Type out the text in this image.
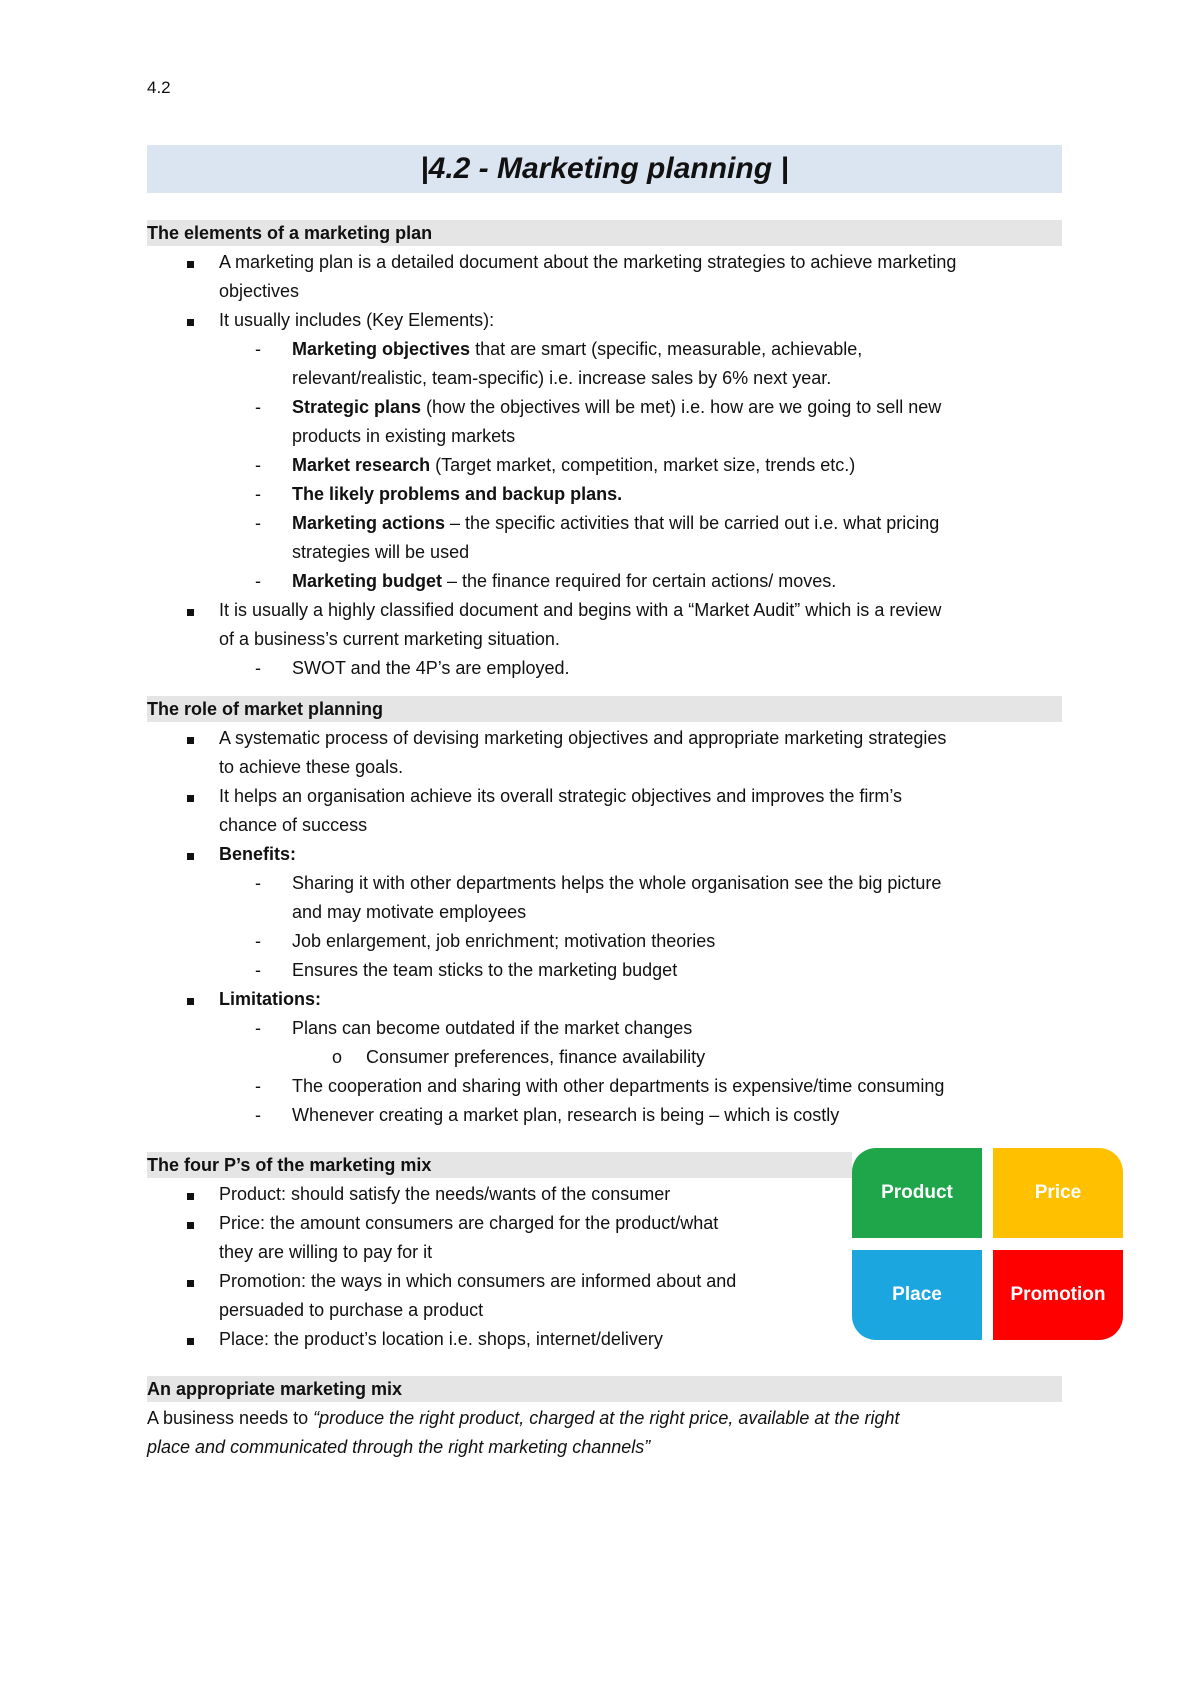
4.2
|4.2 - Marketing planning |
The elements of a marketing plan
A marketing plan is a detailed document about the marketing strategies to achieve marketing
objectives
It usually includes (Key Elements):
- Marketing objectives that are smart (specific, measurable, achievable,
relevant/realistic, team-specific) i.e. increase sales by 6% next year.
- Strategic plans (how the objectives will be met) i.e. how are we going to sell new
products in existing markets
- Market research (Target market, competition, market size, trends etc.)
- The likely problems and backup plans.
- Marketing actions – the specific activities that will be carried out i.e. what pricing
strategies will be used
- Marketing budget – the finance required for certain actions/ moves.
It is usually a highly classified document and begins with a “Market Audit” which is a review
of a business’s current marketing situation.
- SWOT and the 4P’s are employed.
The role of market planning
A systematic process of devising marketing objectives and appropriate marketing strategies
to achieve these goals.
It helps an organisation achieve its overall strategic objectives and improves the firm’s
chance of success
Benefits:
- Sharing it with other departments helps the whole organisation see the big picture
and may motivate employees
- Job enlargement, job enrichment; motivation theories
- Ensures the team sticks to the marketing budget
Limitations:
- Plans can become outdated if the market changes
o Consumer preferences, finance availability
- The cooperation and sharing with other departments is expensive/time consuming
- Whenever creating a market plan, research is being – which is costly
The four P’s of the marketing mix
Product: should satisfy the needs/wants of the consumer
Price: the amount consumers are charged for the product/what
they are willing to pay for it
Promotion: the ways in which consumers are informed about and
persuaded to purchase a product
Place: the product’s location i.e. shops, internet/delivery
Product	Price
Place	Promotion
An appropriate marketing mix
A business needs to “produce the right product, charged at the right price, available at the right
place and communicated through the right marketing channels”
